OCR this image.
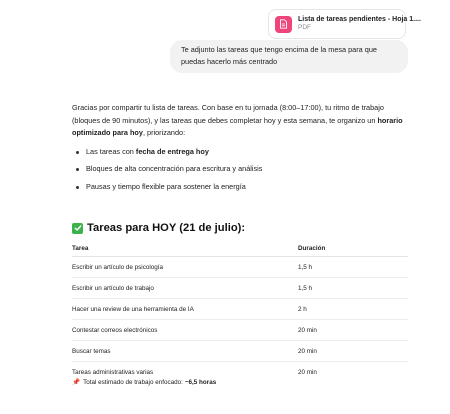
Lista de tareas pendientes - Hoja 1....
PDF
Te adjunto las tareas que tengo encima de la mesa para que puedas hacerlo más centrado

Gracias por compartir tu lista de tareas. Con base en tu jornada (8:00–17:00), tu ritmo de trabajo (bloques de 90 minutos), y las tareas que debes completar hoy y esta semana, te organizo un horario optimizado para hoy, priorizando:

Las tareas con fecha de entrega hoy
Bloques de alta concentración para escritura y análisis
Pausas y tiempo flexible para sostener la energía
Tareas para HOY (21 de julio):
Tarea	Duración
Escribir un artículo de psicología	1,5 h
Escribir un artículo de trabajo	1,5 h
Hacer una review de una herramienta de IA	2 h
Contestar correos electrónicos	20 min
Buscar temas	20 min
Tareas administrativas varias	20 min
📌 Total estimado de trabajo enfocado: ~6,5 horas
